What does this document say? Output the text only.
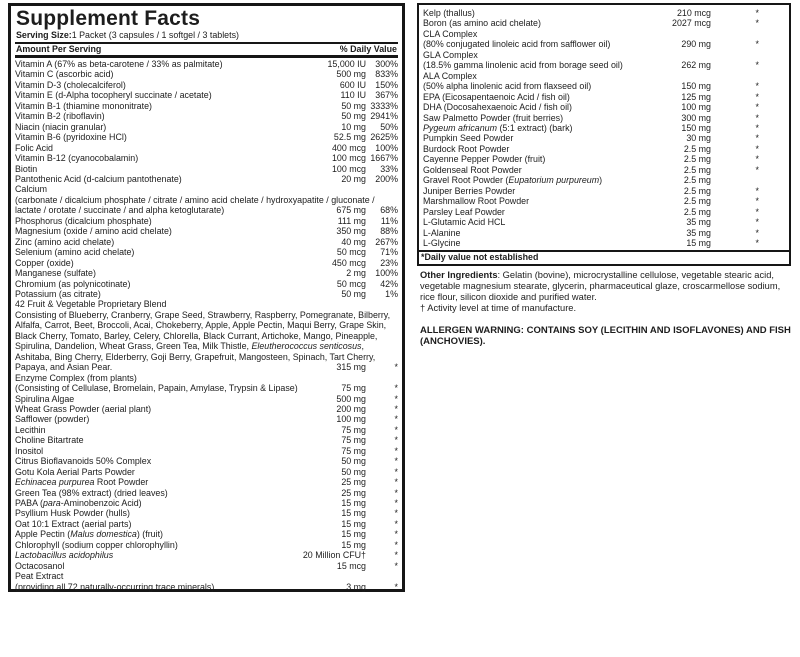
Supplement Facts
Serving Size:1 Packet (3 capsules / 1 softgel / 3 tablets)
Amount Per Serving	% Daily Value
Vitamin A (67% as beta-carotene / 33% as palmitate)	15,000 IU	300%
Vitamin C (ascorbic acid)	500 mg	833%
Vitamin D-3 (cholecalciferol)	600 IU	150%
Vitamin E (d-Alpha tocopheryl succinate / acetate)	110 IU	367%
Vitamin B-1 (thiamine mononitrate)	50 mg 3333%
Vitamin B-2 (riboflavin)	50 mg 2941%
Niacin (niacin granular)	10 mg	50%
Vitamin B-6 (pyridoxine HCl)	52.5 mg 2625%
Folic Acid	400 mcg	100%
Vitamin B-12 (cyanocobalamin)	100 mcg 1667%
Biotin	100 mcg	33%
Pantothenic Acid (d-calcium pantothenate)	20 mg	200%
Calcium
(carbonate / dicalcium phosphate / citrate / amino acid chelate / hydroxyapatite / gluconate /
lactate / orotate / succinate / and alpha ketoglutarate)	675 mg	68%
Phosphorus (dicalcium phosphate)	111 mg	11%
Magnesium (oxide / amino acid chelate)	350 mg	88%
Zinc (amino acid chelate)	40 mg	267%
Selenium (amino acid chelate)	50 mcg	71%
Copper (oxide)	450 mcg	23%
Manganese (sulfate)	2 mg	100%
Chromium (as polynicotinate)	50 mcg	42%
Potassium (as citrate)	50 mg	1%
42 Fruit & Vegetable Proprietary Blend
Consisting of Blueberry, Cranberry, Grape Seed, Strawberry, Raspberry, Pomegranate, Bilberry,
Alfalfa, Carrot, Beet, Broccoli, Acai, Chokeberry, Apple, Apple Pectin, Maqui Berry, Grape Skin,
Black Cherry, Tomato, Barley, Celery, Chlorella, Black Currant, Artichoke, Mango, Pineapple,
Spirulina, Dandelion, Wheat Grass, Green Tea, Milk Thistle, Eleutherococcus senticosus,
Ashitaba, Bing Cherry, Elderberry, Goji Berry, Grapefruit, Mangosteen, Spinach, Tart Cherry,
Papaya, and Asian Pear.	315 mg	*
Enzyme Complex (from plants)
(Consisting of Cellulase, Bromelain, Papain, Amylase, Trypsin & Lipase)	75 mg	*
Spirulina Algae	500 mg	*
Wheat Grass Powder (aerial plant)	200 mg	*
Safflower (powder)	100 mg	*
Lecithin	75 mg	*
Choline Bitartrate	75 mg	*
Inositol	75 mg	*
Citrus Bioflavanoids 50% Complex	50 mg	*
Gotu Kola Aerial Parts Powder	50 mg	*
Echinacea purpurea Root Powder	25 mg	*
Green Tea (98% extract) (dried leaves)	25 mg	*
PABA (para-Aminobenzoic Acid)	15 mg	*
Psyllium Husk Powder (hulls)	15 mg	*
Oat 10:1 Extract (aerial parts)	15 mg	*
Apple Pectin (Malus domestica) (fruit)	15 mg	*
Chlorophyll (sodium copper chlorophyllin)	15 mg	*
Lactobacillus acidophilus	20 Million CFU†	*
Octacosanol	15 mcg	*
Peat Extract
(providing all 72 naturally-occurring trace minerals)	3 mg	*
Kelp (thallus)	210 mcg	*
Boron (as amino acid chelate)	2027 mcg	*
CLA Complex
(80% conjugated linoleic acid from safflower oil)	290 mg	*
GLA Complex
(18.5% gamma linolenic acid from borage seed oil)	262 mg	*
ALA Complex
(50% alpha linolenic acid from flaxseed oil)	150 mg	*
EPA (Eicosapentaenoic Acid / fish oil)	125 mg	*
DHA (Docosahexaenoic Acid / fish oil)	100 mg	*
Saw Palmetto Powder (fruit berries)	300 mg	*
Pygeum africanum (5:1 extract) (bark)	150 mg	*
Pumpkin Seed Powder	30 mg	*
Burdock Root Powder	2.5 mg	*
Cayenne Pepper Powder (fruit)	2.5 mg	*
Goldenseal Root Powder	2.5 mg	*
Gravel Root Powder (Eupatorium purpureum)	2.5 mg
Juniper Berries Powder	2.5 mg	*
Marshmallow Root Powder	2.5 mg	*
Parsley Leaf Powder	2.5 mg	*
L-Glutamic Acid HCL	35 mg	*
L-Alanine	35 mg	*
L-Glycine	15 mg	*
*Daily value not established
Other Ingredients: Gelatin (bovine), microcrystalline cellulose, vegetable stearic acid, vegetable magnesium stearate, glycerin, pharmaceutical glaze, croscarmellose sodium, rice flour, silicon dioxide and purified water.
† Activity level at time of manufacture.
ALLERGEN WARNING: CONTAINS SOY (LECITHIN AND ISOFLAVONES) AND FISH (ANCHOVIES).
